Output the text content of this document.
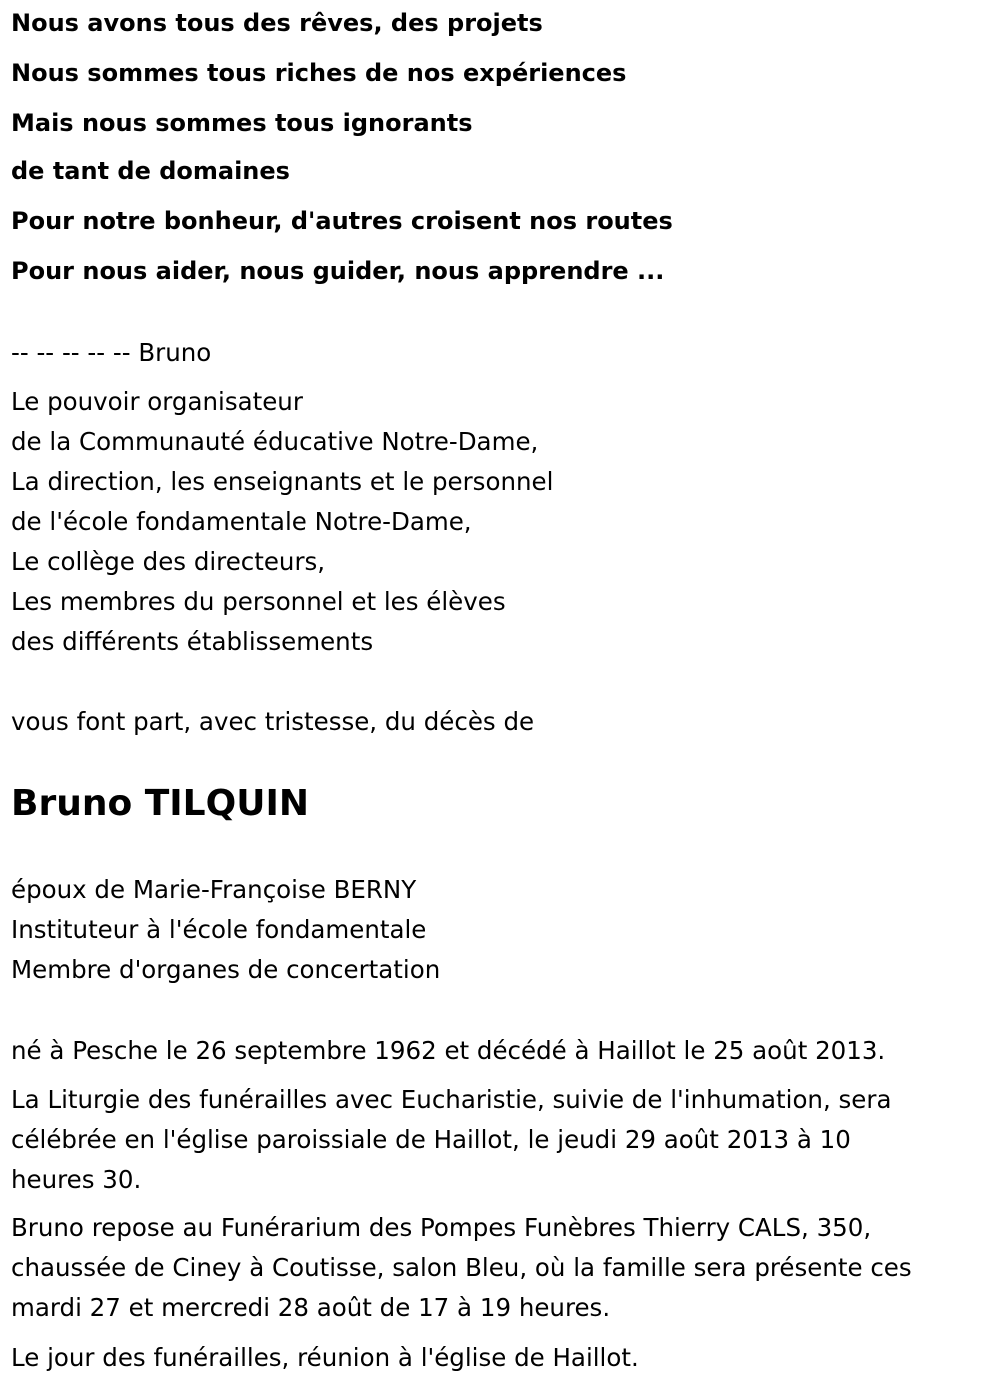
Nous avons tous des rêves, des projets
Nous sommes tous riches de nos expériences
Mais nous sommes tous ignorants
de tant de domaines
Pour notre bonheur, d'autres croisent nos routes
Pour nous aider, nous guider, nous apprendre ...
-- -- -- -- -- Bruno
Le pouvoir organisateur
de la Communauté éducative Notre-Dame,
La direction, les enseignants et le personnel
de l'école fondamentale Notre-Dame,
Le collège des directeurs,
Les membres du personnel et les élèves
des différents établissements
vous font part, avec tristesse, du décès de
Bruno TILQUIN
époux de Marie-Françoise BERNY
Instituteur à l'école fondamentale
Membre d'organes de concertation
né à Pesche le 26 septembre 1962 et décédé à Haillot le 25 août 2013.
La Liturgie des funérailles avec Eucharistie, suivie de l'inhumation, sera
célébrée en l'église paroissiale de Haillot, le jeudi 29 août 2013 à 10
heures 30.
Bruno repose au Funérarium des Pompes Funèbres Thierry CALS, 350,
chaussée de Ciney à Coutisse, salon Bleu, où la famille sera présente ces
mardi 27 et mercredi 28 août de 17 à 19 heures.
Le jour des funérailles, réunion à l'église de Haillot.
